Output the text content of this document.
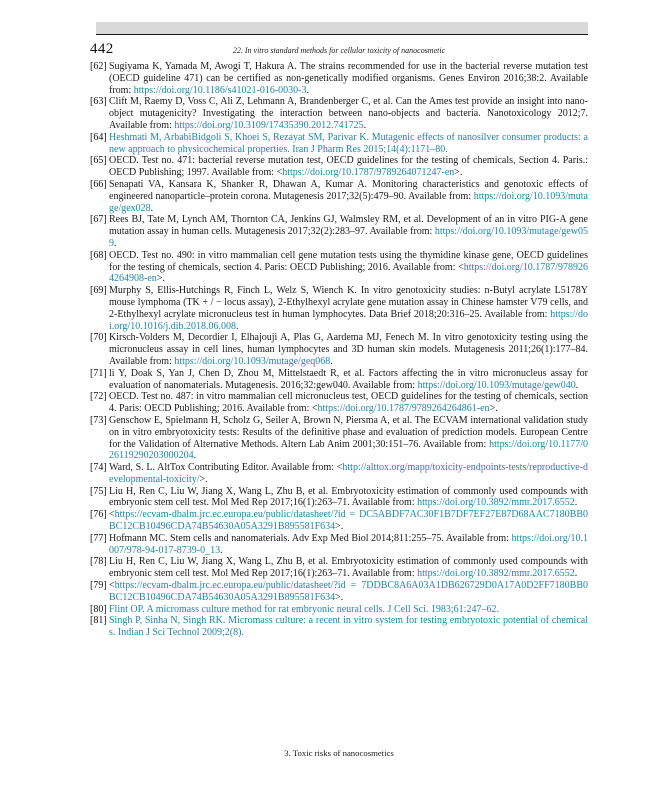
442	22. In vitro standard methods for cellular toxicity of nanocosmetic
[62] Sugiyama K, Yamada M, Awogi T, Hakura A. The strains recommended for use in the bacterial reverse mutation test (OECD guideline 471) can be certified as non-genetically modified organisms. Genes Environ 2016;38:2. Available from: https://doi.org/10.1186/s41021-016-0030-3.
[63] Clift M, Raemy D, Voss C, Ali Z, Lehmann A, Brandenberger C, et al. Can the Ames test provide an insight into nano-object mutagenicity? Investigating the interaction between nano-objects and bacteria. Nanotoxicology 2012;7. Available from: https://doi.org/10.3109/17435390.2012.741725.
[64] Heshmati M, ArbabiBidgoli S, Khoei S, Rezayat SM, Parivar K. Mutagenic effects of nanosilver consumer products: a new approach to physicochemical properties. Iran J Pharm Res 2015;14(4):1171–80.
[65] OECD. Test no. 471: bacterial reverse mutation test, OECD guidelines for the testing of chemicals, Section 4. Paris.: OECD Publishing; 1997. Available from: <https://doi.org/10.1787/9789264071247-en>.
[66] Senapati VA, Kansara K, Shanker R, Dhawan A, Kumar A. Monitoring characteristics and genotoxic effects of engineered nanoparticle–protein corona. Mutagenesis 2017;32(5):479–90. Available from: https://doi.org/10.1093/mutage/gex028.
[67] Rees BJ, Tate M, Lynch AM, Thornton CA, Jenkins GJ, Walmsley RM, et al. Development of an in vitro PIG-A gene mutation assay in human cells. Mutagenesis 2017;32(2):283–97. Available from: https://doi.org/10.1093/mutage/gew059.
[68] OECD. Test no. 490: in vitro mammalian cell gene mutation tests using the thymidine kinase gene, OECD guidelines for the testing of chemicals, section 4. Paris: OECD Publishing; 2016. Available from: <https://doi.org/10.1787/9789264264908-en>.
[69] Murphy S, Ellis-Hutchings R, Finch L, Welz S, Wiench K. In vitro genotoxicity studies: n-Butyl acrylate L5178Y mouse lymphoma (TK + / − locus assay), 2-Ethylhexyl acrylate gene mutation assay in Chinese hamster V79 cells, and 2-Ethylhexyl acrylate micronucleus test in human lymphocytes. Data Brief 2018;20:316–25. Available from: https://doi.org/10.1016/j.dib.2018.06.008.
[70] Kirsch-Volders M, Decordier I, Elhajouji A, Plas G, Aardema MJ, Fenech M. In vitro genotoxicity testing using the micronucleus assay in cell lines, human lymphocytes and 3D human skin models. Mutagenesis 2011;26(1):177–84. Available from: https://doi.org/10.1093/mutage/geq068.
[71] li Y, Doak S, Yan J, Chen D, Zhou M, Mittelstaedt R, et al. Factors affecting the in vitro micronucleus assay for evaluation of nanomaterials. Mutagenesis. 2016;32:gew040. Available from: https://doi.org/10.1093/mutage/gew040.
[72] OECD. Test no. 487: in vitro mammalian cell micronucleus test, OECD guidelines for the testing of chemicals, section 4. Paris: OECD Publishing; 2016. Available from: <https://doi.org/10.1787/9789264264861-en>.
[73] Genschow E, Spielmann H, Scholz G, Seiler A, Brown N, Piersma A, et al. The ECVAM international validation study on in vitro embryotoxicity tests: Results of the definitive phase and evaluation of prediction models. European Centre for the Validation of Alternative Methods. Altern Lab Anim 2001;30:151–76. Available from: https://doi.org/10.1177/026119290203000204.
[74] Ward, S. L. AltTox Contributing Editor. Available from: <http://alttox.org/mapp/toxicity-endpoints-tests/reproductive-developmental-toxicity/>.
[75] Liu H, Ren C, Liu W, Jiang X, Wang L, Zhu B, et al. Embryotoxicity estimation of commonly used compounds with embryonic stem cell test. Mol Med Rep 2017;16(1):263–71. Available from: https://doi.org/10.3892/mmr.2017.6552.
[76] <https://ecvam-dbalm.jrc.ec.europa.eu/public/datasheet/?id = DC5ABDF7AC30F1B7DF7EF27E87D68AAC7180BB0BC12CB10496CDA74B54630A05A3291B895581F634>.
[77] Hofmann MC. Stem cells and nanomaterials. Adv Exp Med Biol 2014;811:255–75. Available from: https://doi.org/10.1007/978-94-017-8739-0_13.
[78] Liu H, Ren C, Liu W, Jiang X, Wang L, Zhu B, et al. Embryotoxicity estimation of commonly used compounds with embryonic stem cell test. Mol Med Rep 2017;16(1):263–71. Available from: https://doi.org/10.3892/mmr.2017.6552.
[79] <https://ecvam-dbalm.jrc.ec.europa.eu/public/datasheet/?id = 7DDBC8A6A03A1DB626729D0A17A0D2FF7180BB0BC12CB10496CDA74B54630A05A3291B895581F634>.
[80] Flint OP. A micromass culture method for rat embryonic neural cells. J Cell Sci. 1983;61:247–62.
[81] Singh P, Sinha N, Singh RK. Micromass culture: a recent in vitro system for testing embryotoxic potential of chemicals. Indian J Sci Technol 2009;2(8).
3. Toxic risks of nanocosmetics
